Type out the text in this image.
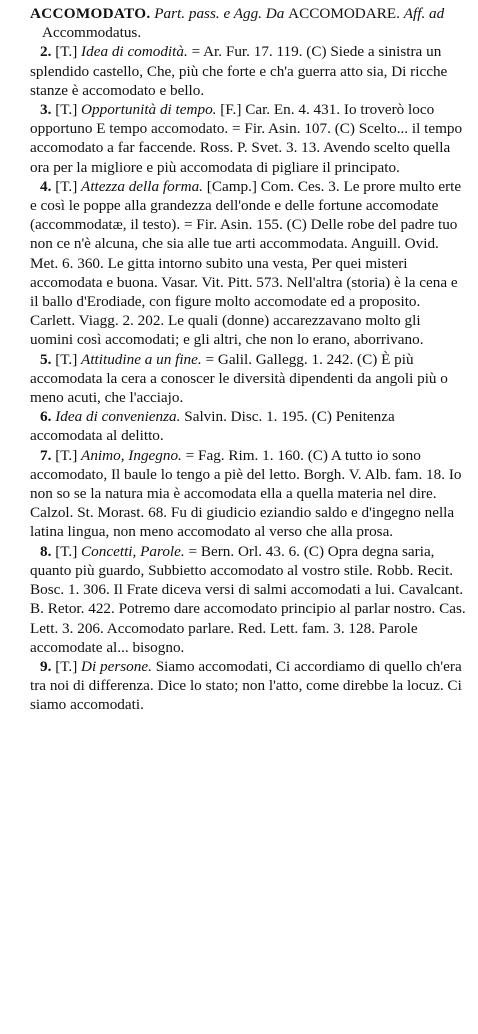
ACCOMODATO. Part. pass. e Agg. Da ACCOMODARE. Aff. ad Accommodatus.

2. [T.] Idea di comodità. = Ar. Fur. 17. 119. (C) Siede a sinistra un splendido castello, Che, più che forte e ch'a guerra atto sia, Di ricche stanze è accomodato e bello.

3. [T.] Opportunità di tempo. [F.] Car. En. 4. 431. Io troverò loco opportuno E tempo accomodato. = Fir. Asin. 107. (C) Scelto... il tempo accomodato a far faccende. Ross. P. Svet. 3. 13. Avendo scelto quella ora per la migliore e più accomodata di pigliare il principato.

4. [T.] Attezza della forma. [Camp.] Com. Ces. 3. Le prore multo erte e così le poppe alla grandezza dell'onde e delle fortune accomodate (accommodatæ, il testo). = Fir. Asin. 155. (C) Delle robe del padre tuo non ce n'è alcuna, che sia alle tue arti accommodata. Anguill. Ovid. Met. 6. 360. Le gitta intorno subito una vesta, Per quei misteri accomodata e buona. Vasar. Vit. Pitt. 573. Nell'altra (storia) è la cena e il ballo d'Erodiade, con figure molto accomodate ed a proposito. Carlett. Viagg. 2. 202. Le quali (donne) accarezzavano molto gli uomini così accomodati; e gli altri, che non lo erano, aborrivano.

5. [T.] Attitudine a un fine. = Galil. Gallegg. 1. 242. (C) È più accomodata la cera a conoscer le diversità dipendenti da angoli più o meno acuti, che l'acciajo.

6. Idea di convenienza. Salvin. Disc. 1. 195. (C) Penitenza accomodata al delitto.

7. [T.] Animo, Ingegno. = Fag. Rim. 1. 160. (C) A tutto io sono accomodato, Il baule lo tengo a piè del letto. Borgh. V. Alb. fam. 18. Io non so se la natura mia è accomodata ella a quella materia nel dire. Calzol. St. Morast. 68. Fu di giudicio eziandio saldo e d'ingegno nella latina lingua, non meno accomodato al verso che alla prosa.

8. [T.] Concetti, Parole. = Bern. Orl. 43. 6. (C) Opra degna saria, quanto più guardo, Subbietto accomodato al vostro stile. Robb. Recit. Bosc. 1. 306. Il Frate diceva versi di salmi accomodati a lui. Cavalcant. B. Retor. 422. Potremo dare accomodato principio al parlar nostro. Cas. Lett. 3. 206. Accomodato parlare. Red. Lett. fam. 3. 128. Parole accomodate al... bisogno.

9. [T.] Di persone. Siamo accomodati, Ci accordiamo di quello ch'era tra noi di differenza. Dice lo stato; non l'atto, come direbbe la locuz. Ci siamo accomodati.
